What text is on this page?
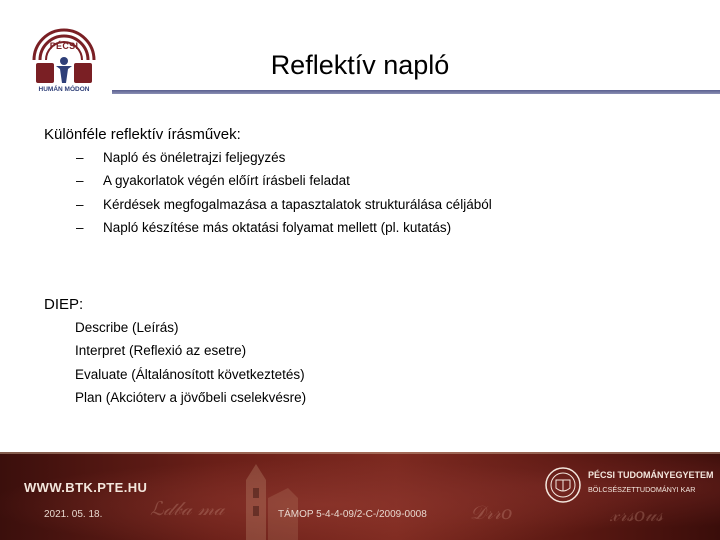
PÉCSI
HUMÁN MÓDON
Reflektív napló
Különféle reflektív írásművek:
–	Napló és önéletrajzi feljegyzés
–	A gyakorlatok végén előírt írásbeli feladat
–	Kérdések megfogalmazása a tapasztalatok strukturálása céljából
–	Napló készítése más oktatási folyamat mellett (pl. kutatás)
DIEP:
Describe (Leírás)
Interpret (Reflexió az esetre)
Evaluate (Általánosított következtetés)
Plan (Akcióterv a jövőbeli cselekvésre)
ℒ𝒹𝒷𝒶 𝓂𝒶	𝒟𝓇𝓇𝑜	𝓍𝓇𝓈𝑜𝓊𝓈
WWW.BTK.PTE.HU
2021. 05. 18.	TÁMOP 5-4-4-09/2-C-/2009-0008
PÉCSI TUDOMÁNYEGYETEM
BÖLCSÉSZETTUDOMÁNYI KAR
